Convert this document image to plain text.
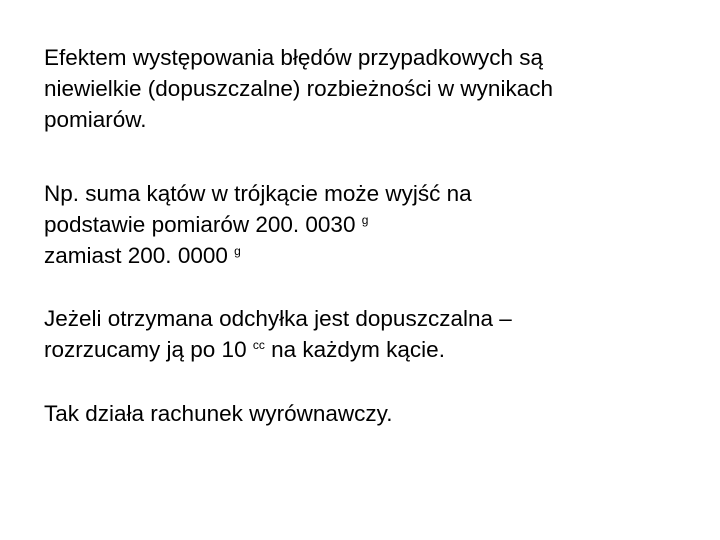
Efektem występowania błędów przypadkowych są
niewielkie (dopuszczalne) rozbieżności w wynikach
pomiarów.

Np. suma kątów w trójkącie może wyjść na
podstawie pomiarów 200. 0030 $^g$
zamiast 200. 0000 $^g$

Jeżeli otrzymana odchyłka jest dopuszczalna –
rozrzucamy ją po 10 $^{cc}$ na każdym kącie.

Tak działa rachunek wyrównawczy.
